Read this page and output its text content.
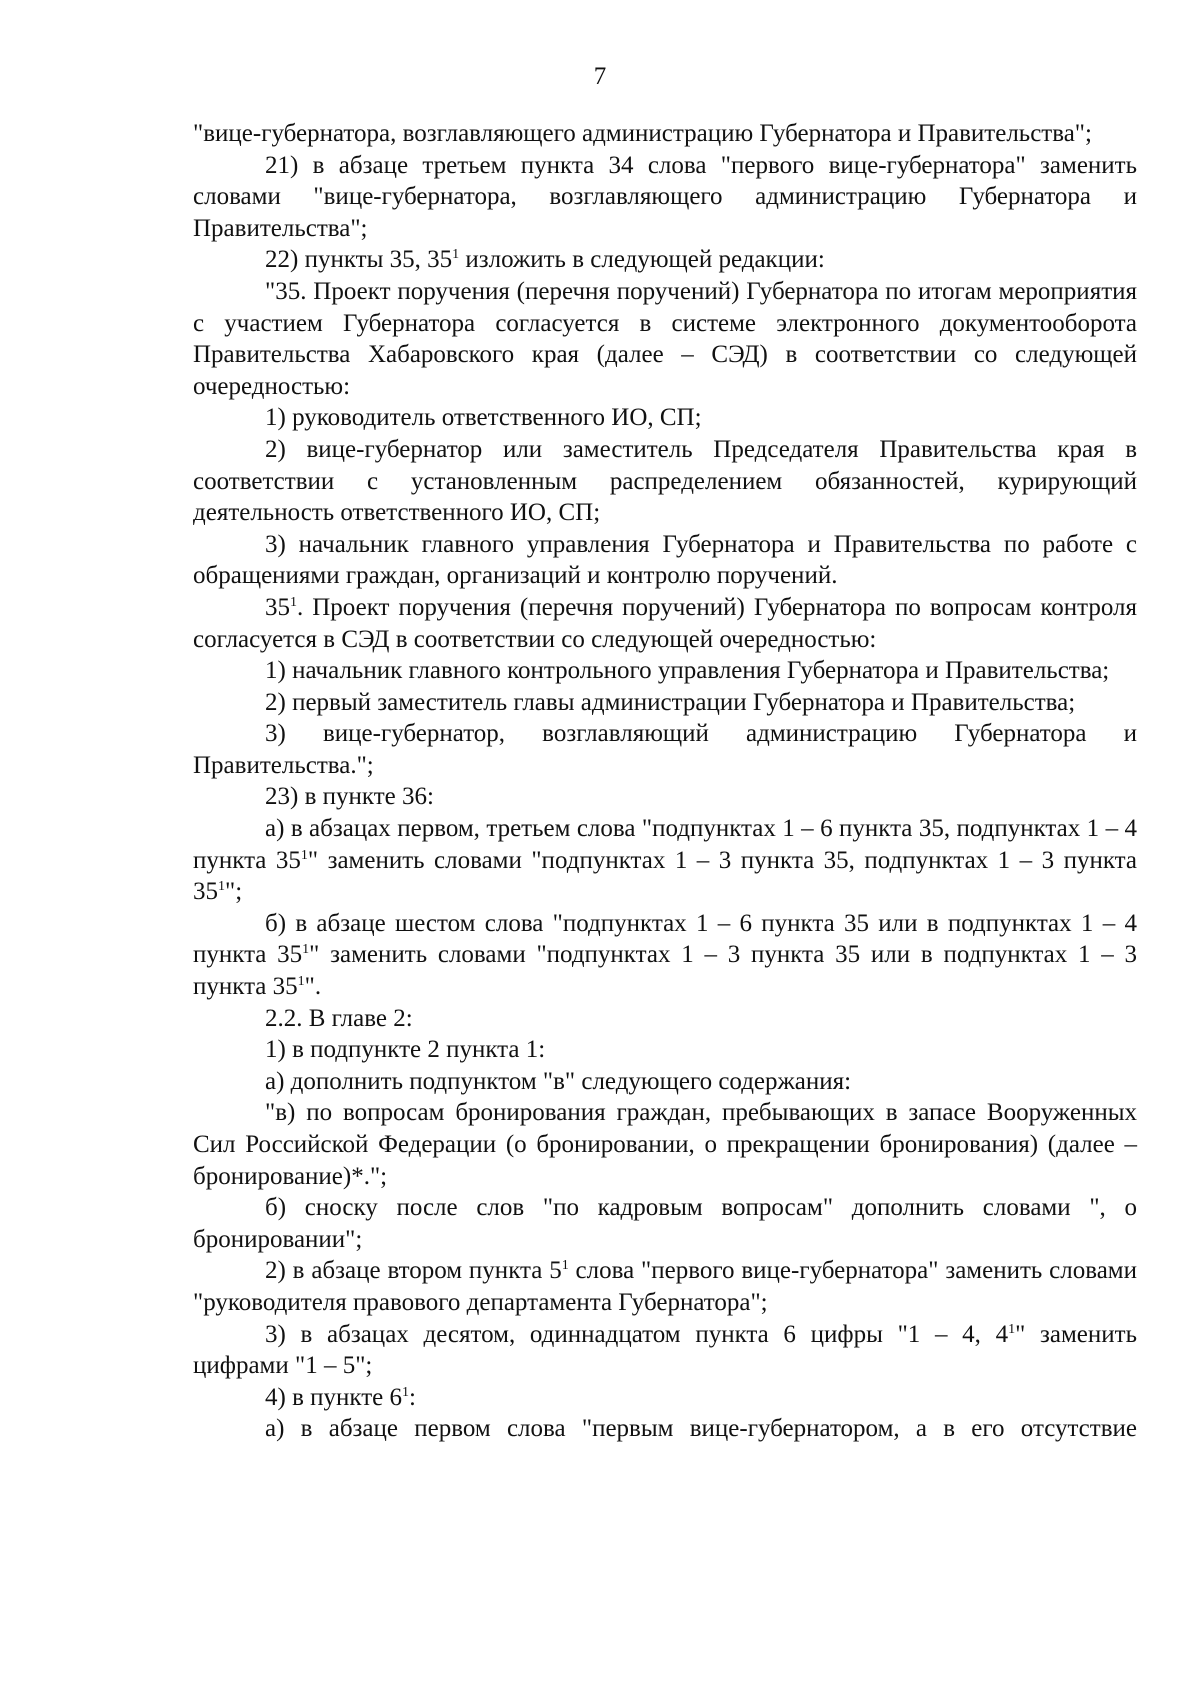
7

"вице-губернатора, возглавляющего администрацию Губернатора и Правительства";

21) в абзаце третьем пункта 34 слова "первого вице-губернатора" заменить словами "вице-губернатора, возглавляющего администрацию Губернатора и Правительства";

22) пункты 35, $35^1$ изложить в следующей редакции:

"35. Проект поручения (перечня поручений) Губернатора по итогам мероприятия с участием Губернатора согласуется в системе электронного документооборота Правительства Хабаровского края (далее – СЭД) в соответствии со следующей очередностью:

1) руководитель ответственного ИО, СП;

2) вице-губернатор или заместитель Председателя Правительства края в соответствии с установленным распределением обязанностей, курирующий деятельность ответственного ИО, СП;

3) начальник главного управления Губернатора и Правительства по работе с обращениями граждан, организаций и контролю поручений.

$35^1$. Проект поручения (перечня поручений) Губернатора по вопросам контроля согласуется в СЭД в соответствии со следующей очередностью:

1) начальник главного контрольного управления Губернатора и Правительства;

2) первый заместитель главы администрации Губернатора и Правительства;

3) вице-губернатор, возглавляющий администрацию Губернатора и Правительства.";

23) в пункте 36:

а) в абзацах первом, третьем слова "подпунктах 1 – 6 пункта 35, подпунктах 1 – 4 пункта $35^1$" заменить словами "подпунктах 1 – 3 пункта 35, подпунктах 1 – 3 пункта $35^1$";

б) в абзаце шестом слова "подпунктах 1 – 6 пункта 35 или в подпунктах 1 – 4 пункта $35^1$" заменить словами "подпунктах 1 – 3 пункта 35 или в подпунктах 1 – 3 пункта $35^1$".

2.2. В главе 2:

1) в подпункте 2 пункта 1:

а) дополнить подпунктом "в" следующего содержания:

"в) по вопросам бронирования граждан, пребывающих в запасе Вооруженных Сил Российской Федерации (о бронировании, о прекращении бронирования) (далее – бронирование)*.";

б) сноску после слов "по кадровым вопросам" дополнить словами ", о бронировании";

2) в абзаце втором пункта $5^1$ слова "первого вице-губернатора" заменить словами "руководителя правового департамента Губернатора";

3) в абзацах десятом, одиннадцатом пункта 6 цифры "1 – 4, $4^1$" заменить цифрами "1 – 5";

4) в пункте $6^1$:

а) в абзаце первом слова "первым вице-губернатором, а в его отсутствие
